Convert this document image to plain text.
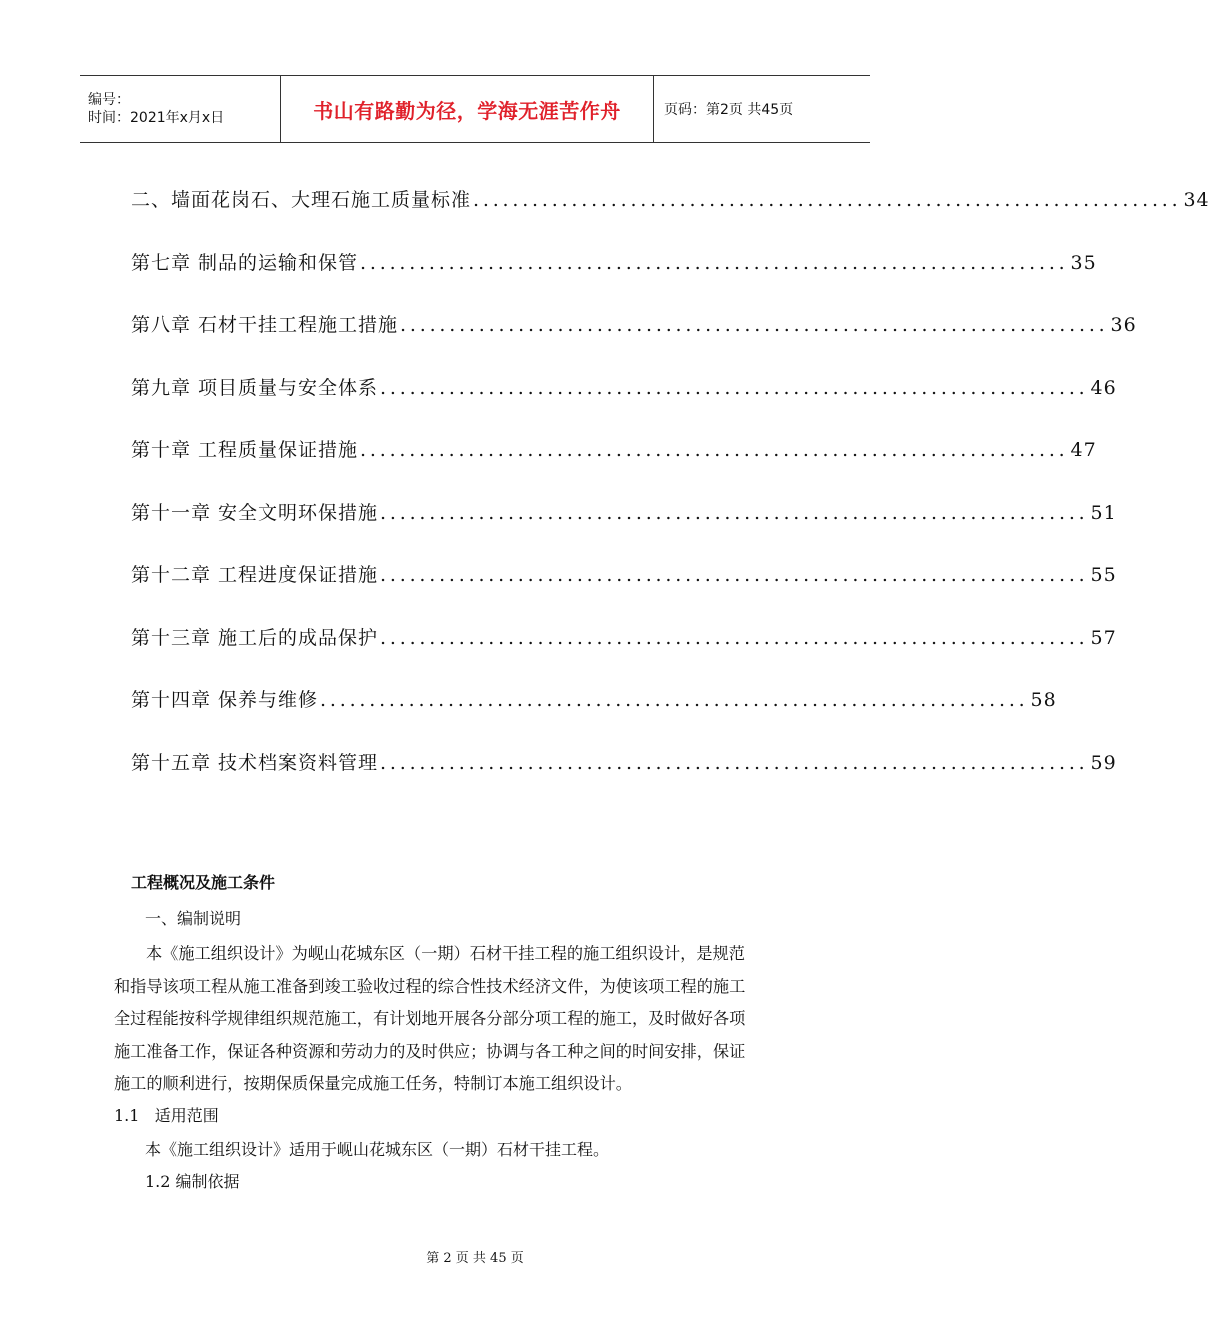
编号：
时间：2021年x月x日	书山有路勤为径，学海无涯苦作舟	页码：第2页 共45页
二、墙面花岗石、大理石施工质量标准 ........................................................................ 34
第七章 制品的运输和保管 ........................................................................ 35
第八章 石材干挂工程施工措施 ........................................................................ 36
第九章 项目质量与安全体系 ........................................................................ 46
第十章 工程质量保证措施 ........................................................................ 47
第十一章 安全文明环保措施 ........................................................................ 51
第十二章 工程进度保证措施 ........................................................................ 55
第十三章 施工后的成品保护 ........................................................................ 57
第十四章 保养与维修 ........................................................................ 58
第十五章 技术档案资料管理 ........................................................................ 59
工程概况及施工条件
一、编制说明
本《施工组织设计》为岘山花城东区（一期）石材干挂工程的施工组织设计，是规范
和指导该项工程从施工准备到竣工验收过程的综合性技术经济文件，为使该项工程的施工
全过程能按科学规律组织规范施工，有计划地开展各分部分项工程的施工，及时做好各项
施工准备工作，保证各种资源和劳动力的及时供应；协调与各工种之间的时间安排，保证
施工的顺利进行，按期保质保量完成施工任务，特制订本施工组织设计。
1.1   适用范围
本《施工组织设计》适用于岘山花城东区（一期）石材干挂工程。
1.2 编制依据
第 2 页 共 45 页
